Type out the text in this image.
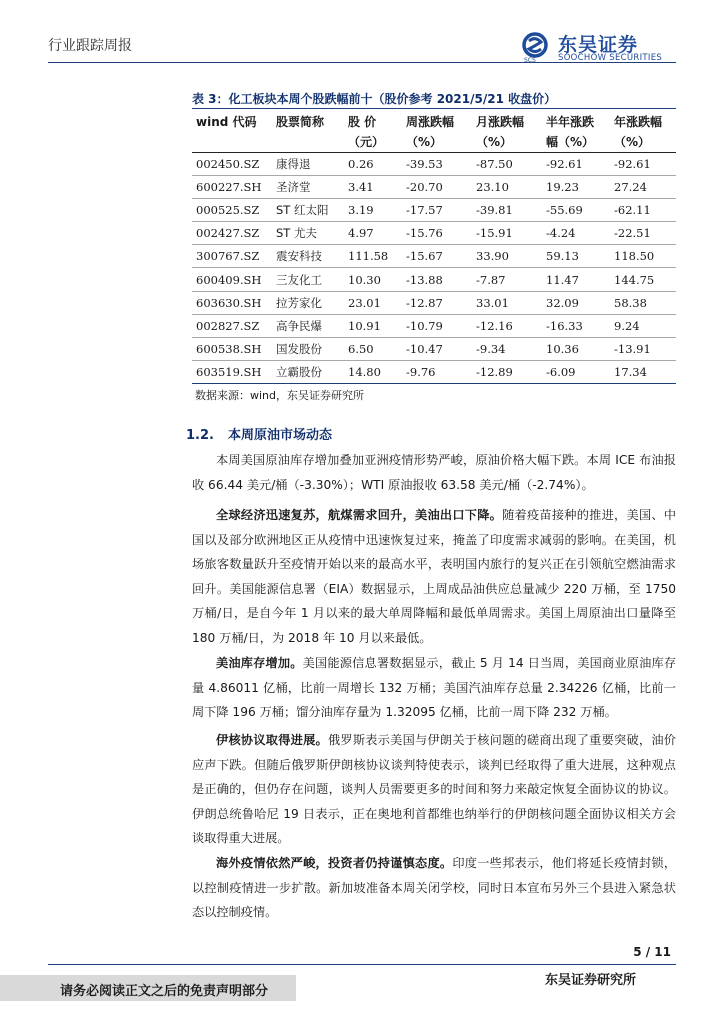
行业跟踪周报
SCS
东吴证券
SOOCHOW SECURITIES
表 3：化工板块本周个股跌幅前十（股价参考 2021/5/21 收盘价）
wind 代码	股票简称	股 价	周涨跌幅	月涨跌幅	半年涨跌	年涨跌幅
		（元）	（%）	（%）	幅（%）	（%）
002450.SZ	康得退	0.26	-39.53	-87.50	-92.61	-92.61
600227.SH	圣济堂	3.41	-20.70	23.10	19.23	27.24
000525.SZ	ST 红太阳	3.19	-17.57	-39.81	-55.69	-62.11
002427.SZ	ST 尤夫	4.97	-15.76	-15.91	-4.24	-22.51
300767.SZ	震安科技	111.58	-15.67	33.90	59.13	118.50
600409.SH	三友化工	10.30	-13.88	-7.87	11.47	144.75
603630.SH	拉芳家化	23.01	-12.87	33.01	32.09	58.38
002827.SZ	高争民爆	10.91	-10.79	-12.16	-16.33	9.24
600538.SH	国发股份	6.50	-10.47	-9.34	10.36	-13.91
603519.SH	立霸股份	14.80	-9.76	-12.89	-6.09	17.34
数据来源：wind，东吴证券研究所
1.2. 本周原油市场动态
本周美国原油库存增加叠加亚洲疫情形势严峻，原油价格大幅下跌。本周 ICE 布油报收 66.44 美元/桶（-3.30%）；WTI 原油报收 63.58 美元/桶（-2.74%）。
全球经济迅速复苏，航煤需求回升，美油出口下降。随着疫苗接种的推进，美国、中国以及部分欧洲地区正从疫情中迅速恢复过来，掩盖了印度需求减弱的影响。在美国，机场旅客数量跃升至疫情开始以来的最高水平，表明国内旅行的复兴正在引领航空燃油需求回升。美国能源信息署（EIA）数据显示，上周成品油供应总量减少 220 万桶，至 1750 万桶/日，是自今年 1 月以来的最大单周降幅和最低单周需求。美国上周原油出口量降至 180 万桶/日，为 2018 年 10 月以来最低。
美油库存增加。美国能源信息署数据显示，截止 5 月 14 日当周，美国商业原油库存量 4.86011 亿桶，比前一周增长 132 万桶；美国汽油库存总量 2.34226 亿桶，比前一周下降 196 万桶；馏分油库存量为 1.32095 亿桶，比前一周下降 232 万桶。
伊核协议取得进展。俄罗斯表示美国与伊朗关于核问题的磋商出现了重要突破，油价应声下跌。但随后俄罗斯伊朗核协议谈判特使表示，谈判已经取得了重大进展，这种观点是正确的，但仍存在问题，谈判人员需要更多的时间和努力来敲定恢复全面协议的协议。伊朗总统鲁哈尼 19 日表示，正在奥地利首都维也纳举行的伊朗核问题全面协议相关方会谈取得重大进展。
海外疫情依然严峻，投资者仍持谨慎态度。印度一些邦表示，他们将延长疫情封锁，以控制疫情进一步扩散。新加坡准备本周关闭学校，同时日本宣布另外三个县进入紧急状态以控制疫情。
5 / 11
东吴证券研究所
请务必阅读正文之后的免责声明部分
